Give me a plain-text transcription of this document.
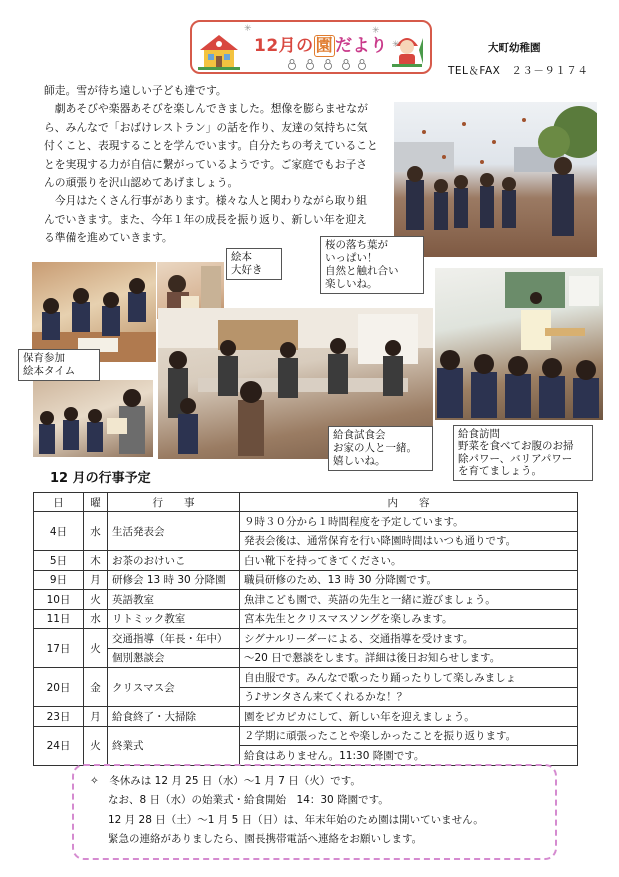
12月の 園 だより
✳	✳
✳	大町幼稚園
TEL＆FAX　２３－９１７４

師走。雪が待ち遠しい子ども達です。

　劇あそびや楽器あそびを楽しんできました。想像を膨らませなが

ら、みんなで「おばけレストラン」の話を作り、友達の気持ちに気

付くこと、表現することを学んでいます。自分たちの考えていること

とを実現する力が自信に繋がっているようです。ご家庭でもお子さ

んの頑張りを沢山認めてあげましょう。

　今月はたくさん行事があります。様々な人と関わりながら取り組

んでいきます。また、今年１年の成長を振り返り、新しい年を迎え

る準備を進めていきます。

絵本
大好き
桜の落ち葉が
いっぱい！
自然と触れ合い
楽しいね。
保育参加
絵本タイム
給食試食会
お家の人と一緒。
嬉しいね。
給食訪問
野菜を食べてお腹のお掃
除パワー、バリアパワー
を育てましょう。
12 月の行事予定
日	曜	行　　事	内　　容
4日	水	生活発表会	９時３０分から１時間程度を予定しています。
			発表会後は、通常保育を行い降園時間はいつも通りです。
5日	木	お茶のおけいこ	白い靴下を持ってきてください。
9日	月	研修会 13 時 30 分降園	職員研修のため、13 時 30 分降園です。
10日	火	英語教室	魚津こども園で、英語の先生と一緒に遊びましょう。
11日	水	リトミック教室	宮本先生とクリスマスソングを楽しみます。
17日	火	交通指導（年長・年中）	シグナルリーダーによる、交通指導を受けます。
		個別懇談会	～20 日で懇談をします。詳細は後日お知らせします。
20日	金	クリスマス会	自由服です。みんなで歌ったり踊ったりして楽しみましょ
			う♪サンタさん来てくれるかな！？
23日	月	給食終了・大掃除	園をピカピカにして、新しい年を迎えましょう。
24日	火	終業式	２学期に頑張ったことや楽しかったことを振り返ります。
			給食はありません。11:30 降園です。

✧　 冬休みは 12 月 25 日（水）～1 月 7 日（火）です。

なお、8 日（水）の始業式・給食開始　14：30 降園です。

12 月 28 日（土）～1 月 5 日（日）は、年末年始のため園は開いていません。

緊急の連絡がありましたら、園長携帯電話へ連絡をお願いします。
